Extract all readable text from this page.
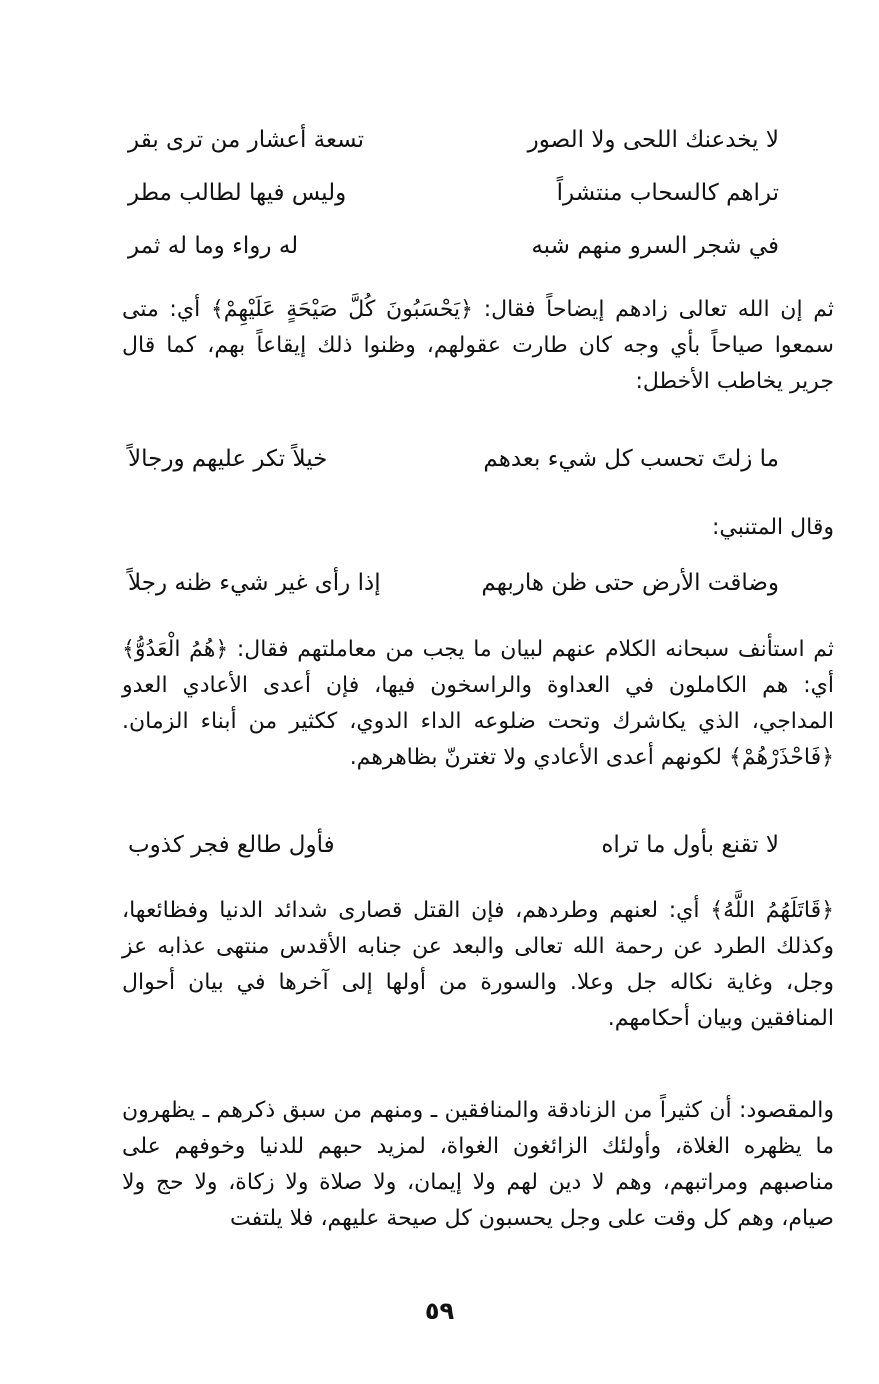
لا يخدعنك اللحى ولا الصور
تسعة أعشار من ترى بقر
تراهم كالسحاب منتشراً
وليس فيها لطالب مطر
في شجر السرو منهم شبه
له رواء وما له ثمر
ثم إن الله تعالى زادهم إيضاحاً فقال: ﴿يَحْسَبُونَ كُلَّ صَيْحَةٍ عَلَيْهِمْ﴾ أي: متى سمعوا صياحاً بأي وجه كان طارت عقولهم، وظنوا ذلك إيقاعاً بهم، كما قال جرير يخاطب الأخطل:
ما زلتَ تحسب كل شيء بعدهم
خيلاً تكر عليهم ورجالاً
وقال المتنبي:
وضاقت الأرض حتى ظن هاربهم
إذا رأى غير شيء ظنه رجلاً
ثم استأنف سبحانه الكلام عنهم لبيان ما يجب من معاملتهم فقال: ﴿هُمُ الْعَدُوُّ﴾ أي: هم الكاملون في العداوة والراسخون فيها، فإن أعدى الأعادي العدو المداجي، الذي يكاشرك وتحت ضلوعه الداء الدوي، ككثير من أبناء الزمان. ﴿فَاحْذَرْهُمْ﴾ لكونهم أعدى الأعادي ولا تغترنّ بظاهرهم.
لا تقنع بأول ما تراه
فأول طالع فجر كذوب
﴿قَاتَلَهُمُ اللَّهُ﴾ أي: لعنهم وطردهم، فإن القتل قصارى شدائد الدنيا وفظائعها، وكذلك الطرد عن رحمة الله تعالى والبعد عن جنابه الأقدس منتهى عذابه عز وجل، وغاية نكاله جل وعلا. والسورة من أولها إلى آخرها في بيان أحوال المنافقين وبيان أحكامهم.
والمقصود: أن كثيراً من الزنادقة والمنافقين ـ ومنهم من سبق ذكرهم ـ يظهرون ما يظهره الغلاة، وأولئك الزائغون الغواة، لمزيد حبهم للدنيا وخوفهم على مناصبهم ومراتبهم، وهم لا دين لهم ولا إيمان، ولا صلاة ولا زكاة، ولا حج ولا صيام، وهم كل وقت على وجل يحسبون كل صيحة عليهم، فلا يلتفت
٥٩
